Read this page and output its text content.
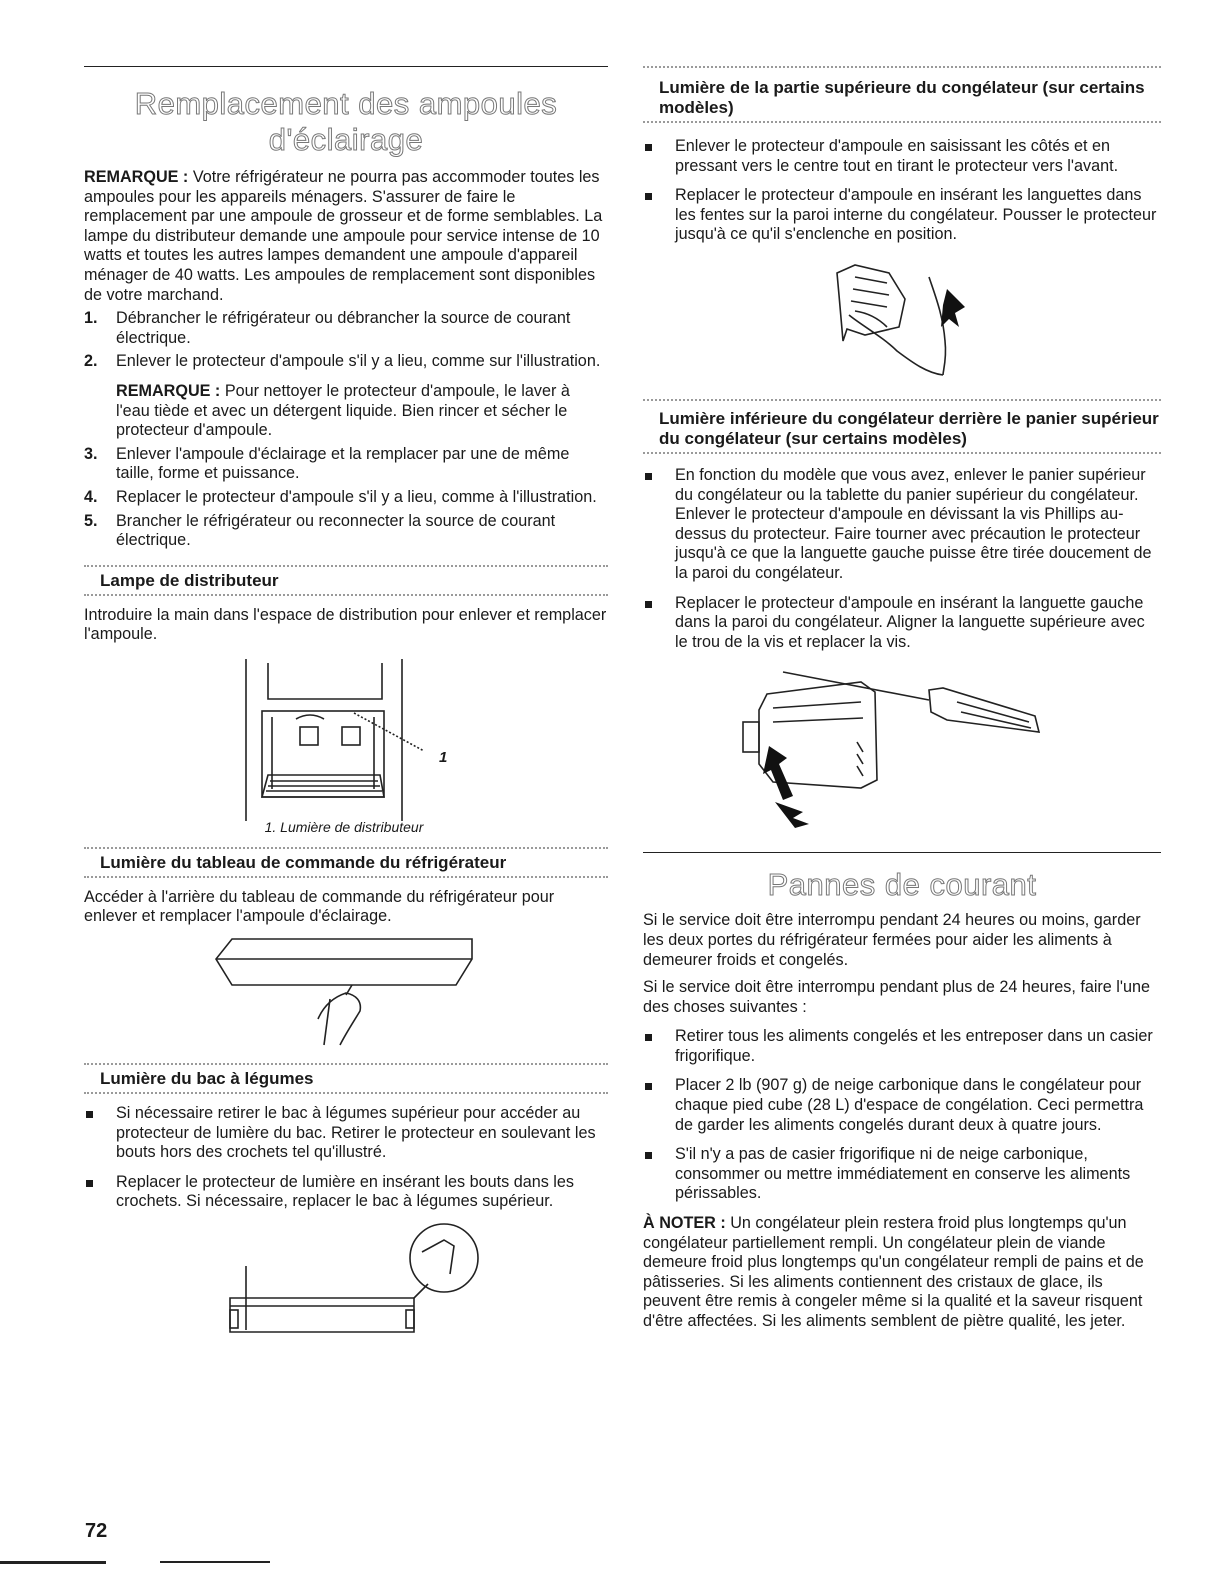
Remplacement des ampoules d'éclairage

REMARQUE : Votre réfrigérateur ne pourra pas accommoder toutes les ampoules pour les appareils ménagers. S'assurer de faire le remplacement par une ampoule de grosseur et de forme semblables. La lampe du distributeur demande une ampoule pour service intense de 10 watts et toutes les autres lampes demandent une ampoule d'appareil ménager de 40 watts. Les ampoules de remplacement sont disponibles de votre marchand.

1. Débrancher le réfrigérateur ou débrancher la source de courant électrique.
2. Enlever le protecteur d'ampoule s'il y a lieu, comme sur l'illustration.
REMARQUE : Pour nettoyer le protecteur d'ampoule, le laver à l'eau tiède et avec un détergent liquide. Bien rincer et sécher le protecteur d'ampoule.
3. Enlever l'ampoule d'éclairage et la remplacer par une de même taille, forme et puissance.
4. Replacer le protecteur d'ampoule s'il y a lieu, comme à l'illustration.
5. Brancher le réfrigérateur ou reconnecter la source de courant électrique.
Lampe de distributeur

Introduire la main dans l'espace de distribution pour enlever et remplacer l'ampoule.

1
1. Lumière de distributeur
Lumière du tableau de commande du réfrigérateur

Accéder à l'arrière du tableau de commande du réfrigérateur pour enlever et remplacer l'ampoule d'éclairage.

Lumière du bac à légumes
Si nécessaire retirer le bac à légumes supérieur pour accéder au protecteur de lumière du bac. Retirer le protecteur en soulevant les bouts hors des crochets tel qu'illustré.
Replacer le protecteur de lumière en insérant les bouts dans les crochets. Si nécessaire, replacer le bac à légumes supérieur.
Lumière de la partie supérieure du congélateur (sur certains modèles)
Enlever le protecteur d'ampoule en saisissant les côtés et en pressant vers le centre tout en tirant le protecteur vers l'avant.
Replacer le protecteur d'ampoule en insérant les languettes dans les fentes sur la paroi interne du congélateur. Pousser le protecteur jusqu'à ce qu'il s'enclenche en position.
Lumière inférieure du congélateur derrière le panier supérieur du congélateur (sur certains modèles)
En fonction du modèle que vous avez, enlever le panier supérieur du congélateur ou la tablette du panier supérieur du congélateur. Enlever le protecteur d'ampoule en dévissant la vis Phillips au-dessus du protecteur. Faire tourner avec précaution le protecteur jusqu'à ce que la languette gauche puisse être tirée doucement de la paroi du congélateur.
Replacer le protecteur d'ampoule en insérant la languette gauche dans la paroi du congélateur. Aligner la languette supérieure avec le trou de la vis et replacer la vis.
Pannes de courant

Si le service doit être interrompu pendant 24 heures ou moins, garder les deux portes du réfrigérateur fermées pour aider les aliments à demeurer froids et congelés.

Si le service doit être interrompu pendant plus de 24 heures, faire l'une des choses suivantes :

Retirer tous les aliments congelés et les entreposer dans un casier frigorifique.
Placer 2 lb (907 g) de neige carbonique dans le congélateur pour chaque pied cube (28 L) d'espace de congélation. Ceci permettra de garder les aliments congelés durant deux à quatre jours.
S'il n'y a pas de casier frigorifique ni de neige carbonique, consommer ou mettre immédiatement en conserve les aliments périssables.

À NOTER : Un congélateur plein restera froid plus longtemps qu'un congélateur partiellement rempli. Un congélateur plein de viande demeure froid plus longtemps qu'un congélateur rempli de pains et de pâtisseries. Si les aliments contiennent des cristaux de glace, ils peuvent être remis à congeler même si la qualité et la saveur risquent d'être affectées. Si les aliments semblent de piètre qualité, les jeter.

72
